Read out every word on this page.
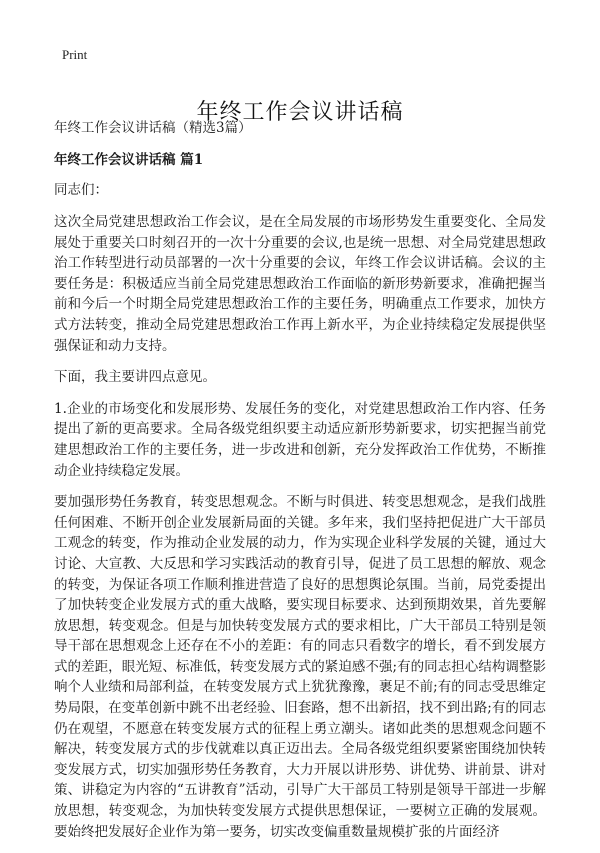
Print
年终工作会议讲话稿

年终工作会议讲话稿（精选3篇）

年终工作会议讲话稿 篇1

同志们：

这次全局党建思想政治工作会议，是在全局发展的市场形势发生重要变化、全局发展处于重要关口时刻召开的一次十分重要的会议,也是统一思想、对全局党建思想政治工作转型进行动员部署的一次十分重要的会议，年终工作会议讲话稿。会议的主要任务是：积极适应当前全局党建思想政治工作面临的新形势新要求，准确把握当前和今后一个时期全局党建思想政治工作的主要任务，明确重点工作要求，加快方式方法转变，推动全局党建思想政治工作再上新水平，为企业持续稳定发展提供坚强保证和动力支持。

下面，我主要讲四点意见。

1.企业的市场变化和发展形势、发展任务的变化，对党建思想政治工作内容、任务提出了新的更高要求。全局各级党组织要主动适应新形势新要求，切实把握当前党建思想政治工作的主要任务，进一步改进和创新，充分发挥政治工作优势，不断推动企业持续稳定发展。

要加强形势任务教育，转变思想观念。不断与时俱进、转变思想观念，是我们战胜任何困难、不断开创企业发展新局面的关键。多年来，我们坚持把促进广大干部员工观念的转变，作为推动企业发展的动力，作为实现企业科学发展的关键，通过大讨论、大宣教、大反思和学习实践活动的教育引导，促进了员工思想的解放、观念的转变，为保证各项工作顺利推进营造了良好的思想舆论氛围。当前，局党委提出了加快转变企业发展方式的重大战略，要实现目标要求、达到预期效果，首先要解放思想，转变观念。但是与加快转变发展方式的要求相比，广大干部员工特别是领导干部在思想观念上还存在不小的差距：有的同志只看数字的增长，看不到发展方式的差距，眼光短、标准低，转变发展方式的紧迫感不强;有的同志担心结构调整影响个人业绩和局部利益，在转变发展方式上犹犹豫豫，裹足不前;有的同志受思维定势局限，在变革创新中跳不出老经验、旧套路，想不出新招，找不到出路;有的同志仍在观望，不愿意在转变发展方式的征程上勇立潮头。诸如此类的思想观念问题不解决，转变发展方式的步伐就难以真正迈出去。全局各级党组织要紧密围绕加快转变发展方式，切实加强形势任务教育，大力开展以讲形势、讲优势、讲前景、讲对策、讲稳定为内容的“五讲教育”活动，引导广大干部员工特别是领导干部进一步解放思想，转变观念，为加快转变发展方式提供思想保证，一要树立正确的发展观。要始终把发展好企业作为第一要务，切实改变偏重数量规模扩张的片面经济
